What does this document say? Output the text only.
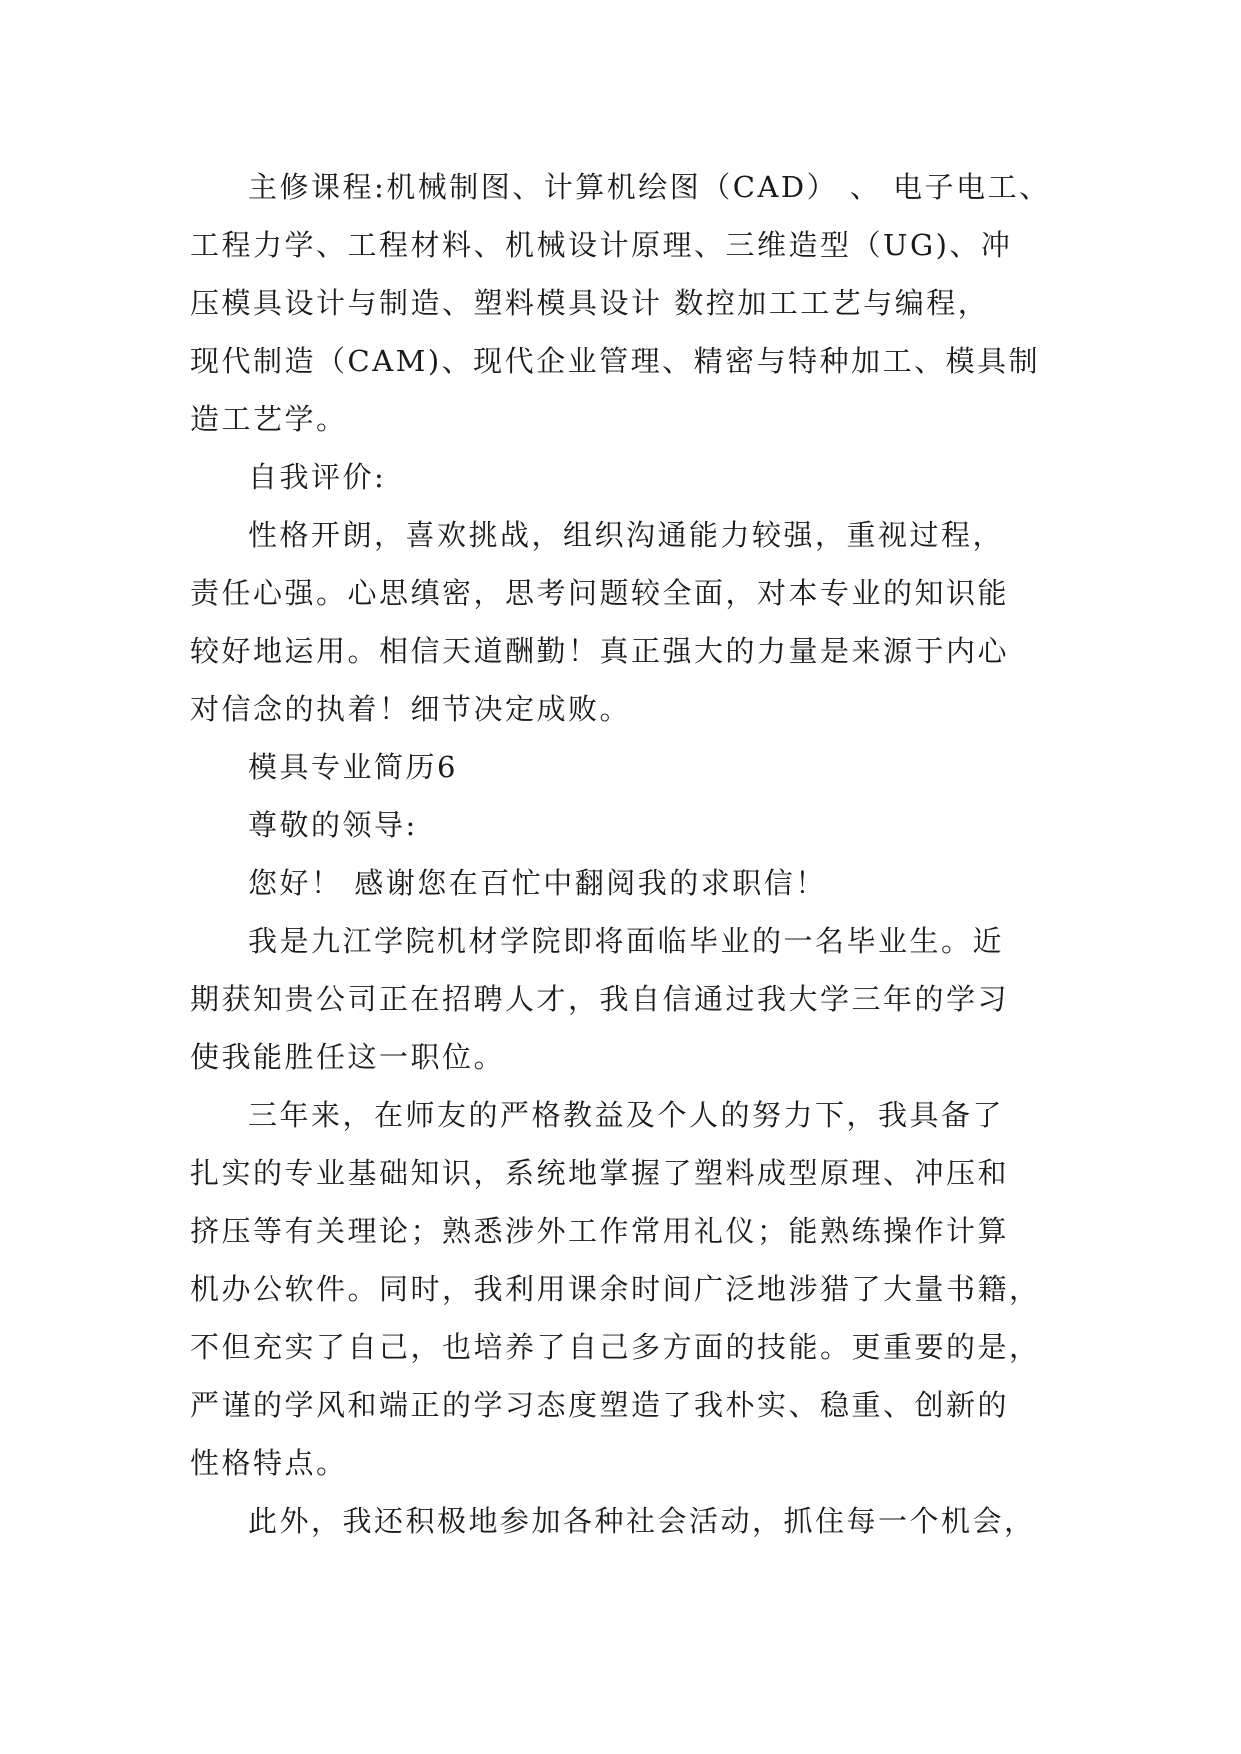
主修课程:机械制图、计算机绘图（CAD） 、 电子电工、
工程力学、工程材料、机械设计原理、三维造型（UG)、冲
压模具设计与制造、塑料模具设计 数控加工工艺与编程，
现代制造（CAM)、现代企业管理、精密与特种加工、模具制
造工艺学。

自我评价:

性格开朗，喜欢挑战，组织沟通能力较强，重视过程，
责任心强。心思缜密，思考问题较全面，对本专业的知识能
较好地运用。相信天道酬勤！真正强大的力量是来源于内心
对信念的执着！细节决定成败。

模具专业简历6

尊敬的领导:

您好！ 感谢您在百忙中翻阅我的求职信！

我是九江学院机材学院即将面临毕业的一名毕业生。近
期获知贵公司正在招聘人才，我自信通过我大学三年的学习
使我能胜任这一职位。

三年来，在师友的严格教益及个人的努力下，我具备了
扎实的专业基础知识，系统地掌握了塑料成型原理、冲压和
挤压等有关理论；熟悉涉外工作常用礼仪；能熟练操作计算
机办公软件。同时，我利用课余时间广泛地涉猎了大量书籍，
不但充实了自己，也培养了自己多方面的技能。更重要的是，
严谨的学风和端正的学习态度塑造了我朴实、稳重、创新的
性格特点。

此外，我还积极地参加各种社会活动，抓住每一个机会，
